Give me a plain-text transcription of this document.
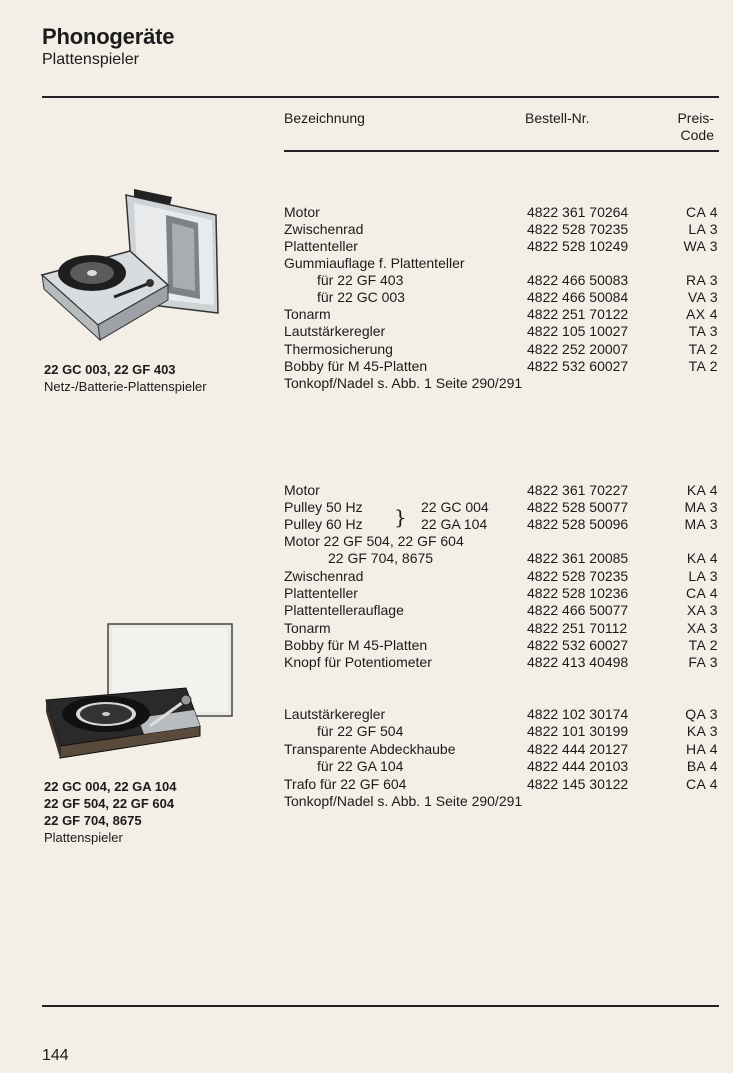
Phonogeräte
Plattenspieler
Bezeichnung	Bestell-Nr.	Preis-
Code
22 GC 003, 22 GF 403
Netz-/Batterie-Plattenspieler
Motor	4822 361 70264	CA 4
Zwischenrad	4822 528 70235	LA 3
Plattenteller	4822 528 10249	WA 3
Gummiauflage f. Plattenteller
für 22 GF 403	4822 466 50083	RA 3
für 22 GC 003	4822 466 50084	VA 3
Tonarm	4822 251 70122	AX 4
Lautstärkeregler	4822 105 10027	TA 3
Thermosicherung	4822 252 20007	TA 2
Bobby für M 45-Platten	4822 532 60027	TA 2
Tonkopf/Nadel s. Abb. 1 Seite 290/291
22 GC 004, 22 GA 104
22 GF 504, 22 GF 604
22 GF 704, 8675
Plattenspieler
Motor	4822 361 70227	KA 4
Pulley 50 Hz } 22 GC 004	4822 528 50077	MA 3
Pulley 60 Hz	22 GA 104	4822 528 50096	MA 3
Motor 22 GF 504, 22 GF 604
22 GF 704, 8675	4822 361 20085	KA 4
Zwischenrad	4822 528 70235	LA 3
Plattenteller	4822 528 10236	CA 4
Plattentellerauflage	4822 466 50077	XA 3
Tonarm	4822 251 70112	XA 3
Bobby für M 45-Platten	4822 532 60027	TA 2
Knopf für Potentiometer	4822 413 40498	FA 3
Lautstärkeregler	4822 102 30174	QA 3
für 22 GF 504	4822 101 30199	KA 3
Transparente Abdeckhaube	4822 444 20127	HA 4
für 22 GA 104	4822 444 20103	BA 4
Trafo für 22 GF 604	4822 145 30122	CA 4
Tonkopf/Nadel s. Abb. 1 Seite 290/291
144
